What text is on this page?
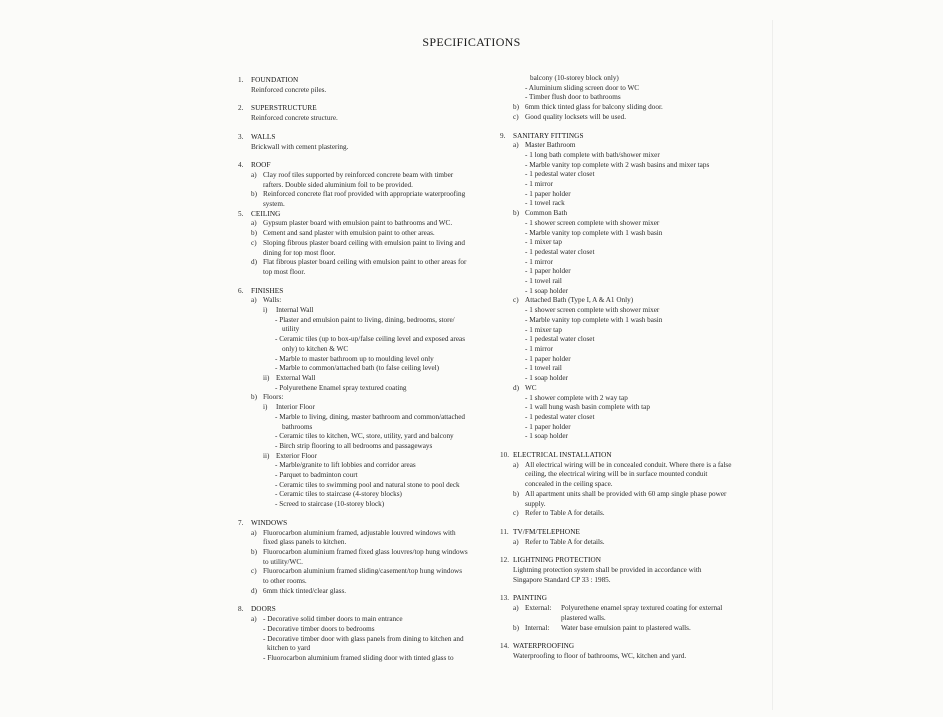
SPECIFICATIONS
1.	FOUNDATION
Reinforced concrete piles.
2.	SUPERSTRUCTURE
Reinforced concrete structure.
3.	WALLS
Brickwall with cement plastering.
4.	ROOF
a) Clay roof tiles supported by reinforced concrete beam with timber
rafters. Double sided aluminium foil to be provided.
b) Reinforced concrete flat roof provided with appropriate waterproofing
system.
5.	CEILING
a) Gypsum plaster board with emulsion paint to bathrooms and WC.
b) Cement and sand plaster with emulsion paint to other areas.
c) Sloping fibrous plaster board ceiling with emulsion paint to living and
dining for top most floor.
d) Flat fibrous plaster board ceiling with emulsion paint to other areas for
top most floor.
6.	FINISHES
a) Walls:
i)	Internal Wall
- Plaster and emulsion paint to living, dining, bedrooms, store/
utility
- Ceramic tiles (up to box-up/false ceiling level and exposed areas
only) to kitchen & WC
- Marble to master bathroom up to moulding level only
- Marble to common/attached bath (to false ceiling level)
ii) External Wall
- Polyurethene Enamel spray textured coating
b) Floors:
i)	Interior Floor
- Marble to living, dining, master bathroom and common/attached
bathrooms
- Ceramic tiles to kitchen, WC, store, utility, yard and balcony
- Birch strip flooring to all bedrooms and passageways
ii) Exterior Floor
- Marble/granite to lift lobbies and corridor areas
- Parquet to badminton court
- Ceramic tiles to swimming pool and natural stone to pool deck
- Ceramic tiles to staircase (4-storey blocks)
- Screed to staircase (10-storey block)
7.	WINDOWS
a) Fluorocarbon aluminium framed, adjustable louvred windows with
fixed glass panels to kitchen.
b) Fluorocarbon aluminium framed fixed glass louvres/top hung windows
to utility/WC.
c) Fluorocarbon aluminium framed sliding/casement/top hung windows
to other rooms.
d) 6mm thick tinted/clear glass.
8.	DOORS
a) - Decorative solid timber doors to main entrance
- Decorative timber doors to bedrooms
- Decorative timber door with glass panels from dining to kitchen and
kitchen to yard
- Fluorocarbon aluminium framed sliding door with tinted glass to
balcony (10-storey block only)
- Aluminium sliding screen door to WC
- Timber flush door to bathrooms
b) 6mm thick tinted glass for balcony sliding door.
c) Good quality locksets will be used.
9.	SANITARY FITTINGS
a) Master Bathroom
- 1 long bath complete with bath/shower mixer
- Marble vanity top complete with 2 wash basins and mixer taps
- 1 pedestal water closet
- 1 mirror
- 1 paper holder
- 1 towel rack
b) Common Bath
- 1 shower screen complete with shower mixer
- Marble vanity top complete with 1 wash basin
- 1 mixer tap
- 1 pedestal water closet
- 1 mirror
- 1 paper holder
- 1 towel rail
- 1 soap holder
c) Attached Bath (Type I, A & A1 Only)
- 1 shower screen complete with shower mixer
- Marble vanity top complete with 1 wash basin
- 1 mixer tap
- 1 pedestal water closet
- 1 mirror
- 1 paper holder
- 1 towel rail
- 1 soap holder
d) WC
- 1 shower complete with 2 way tap
- 1 wall hung wash basin complete with tap
- 1 pedestal water closet
- 1 paper holder
- 1 soap holder
10. ELECTRICAL INSTALLATION
a) All electrical wiring will be in concealed conduit. Where there is a false
ceiling, the electrical wiring will be in surface mounted conduit
concealed in the ceiling space.
b) All apartment units shall be provided with 60 amp single phase power
supply.
c) Refer to Table A for details.
11. TV/FM/TELEPHONE
a) Refer to Table A for details.
12. LIGHTNING PROTECTION
Lightning protection system shall be provided in accordance with
Singapore Standard CP 33 : 1985.
13. PAINTING
a) External:	Polyurethene enamel spray textured coating for external
plastered walls.
b) Internal:	Water base emulsion paint to plastered walls.
14. WATERPROOFING
Waterproofing to floor of bathrooms, WC, kitchen and yard.
